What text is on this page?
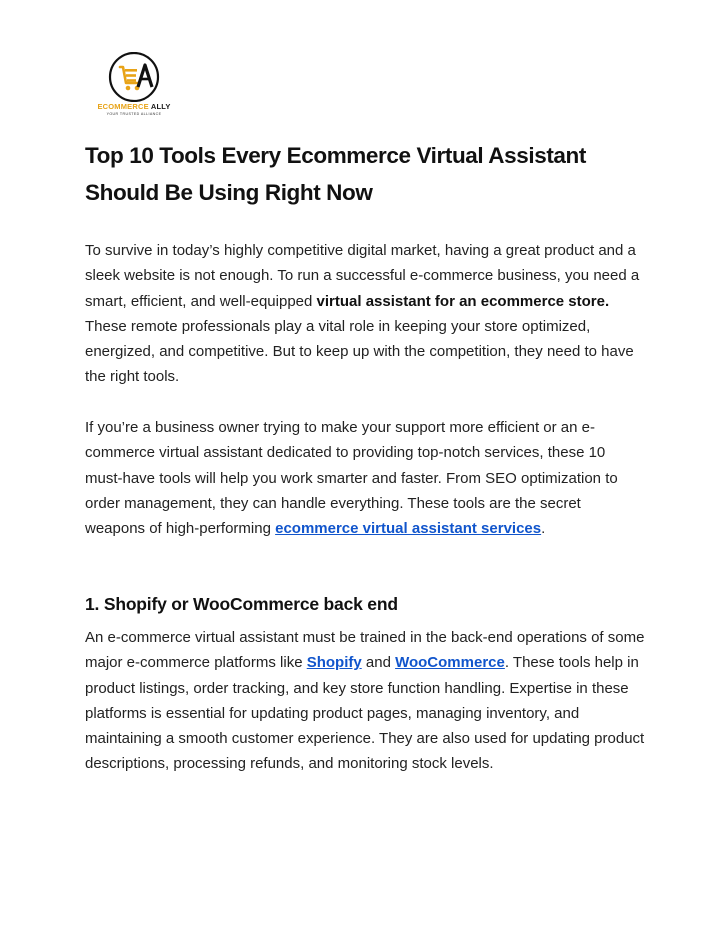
ECOMMERCE ALLY
YOUR TRUSTED ALLIANCE
Top 10 Tools Every Ecommerce Virtual Assistant Should Be Using Right Now

To survive in today’s highly competitive digital market, having a great product and a sleek website is not enough. To run a successful e-commerce business, you need a smart, efficient, and well-equipped virtual assistant for an ecommerce store. These remote professionals play a vital role in keeping your store optimized, energized, and competitive. But to keep up with the competition, they need to have the right tools.

If you’re a business owner trying to make your support more efficient or an e-commerce virtual assistant dedicated to providing top-notch services, these 10 must-have tools will help you work smarter and faster. From SEO optimization to order management, they can handle everything. These tools are the secret weapons of high-performing ecommerce virtual assistant services.

1. Shopify or WooCommerce back end

An e-commerce virtual assistant must be trained in the back-end operations of some major e-commerce platforms like Shopify and WooCommerce. These tools help in product listings, order tracking, and key store function handling. Expertise in these platforms is essential for updating product pages, managing inventory, and maintaining a smooth customer experience. They are also used for updating product descriptions, processing refunds, and monitoring stock levels.
